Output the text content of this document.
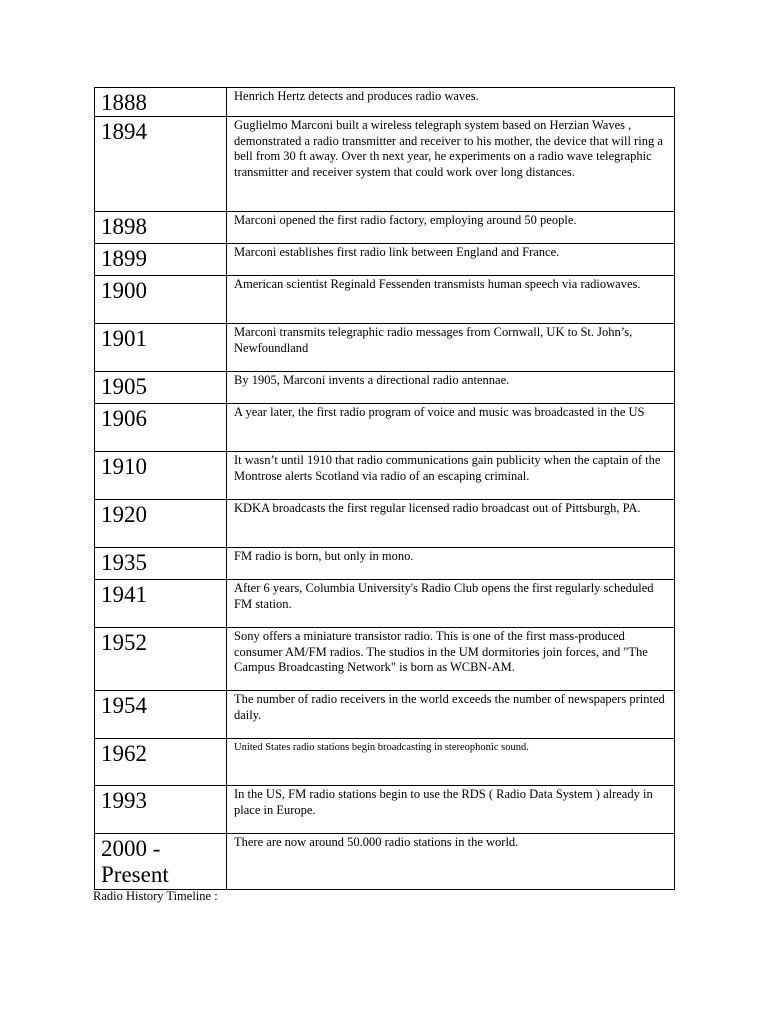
1888	Henrich Hertz detects and produces radio waves.
1894	Guglielmo Marconi built a wireless telegraph system based on Herzian Waves , demonstrated a radio transmitter and receiver to his mother, the device that will ring a bell from 30 ft away. Over th next year, he experiments on a radio wave telegraphic transmitter and receiver system that could work over long distances.
1898	Marconi opened the first radio factory, employing around 50 people.
1899	Marconi establishes first radio link between England and France.
1900	American scientist Reginald Fessenden transmists human speech via radiowaves.
1901	Marconi transmits telegraphic radio messages from Cornwall, UK to St. John’s, Newfoundland
1905	By 1905, Marconi invents a directional radio antennae.
1906	A year later, the first radio program of voice and music was broadcasted in the US
1910	It wasn’t until 1910 that radio communications gain publicity when the captain of the Montrose alerts Scotland via radio of an escaping criminal.
1920	KDKA broadcasts the first regular licensed radio broadcast out of Pittsburgh, PA.
1935	FM radio is born, but only in mono.
1941	After 6 years, Columbia University's Radio Club opens the first regularly scheduled FM station.
1952	Sony offers a miniature transistor radio. This is one of the first mass-produced consumer AM/FM radios. The studios in the UM dormitories join forces, and "The Campus Broadcasting Network" is born as WCBN-AM.
1954	The number of radio receivers in the world exceeds the number of newspapers printed daily.
1962	United States radio stations begin broadcasting in stereophonic sound.
1993	In the US, FM radio stations begin to use the RDS ( Radio Data System ) already in place in Europe.
2000 -Present	There are now around 50.000 radio stations in the world.
Radio History Timeline :
